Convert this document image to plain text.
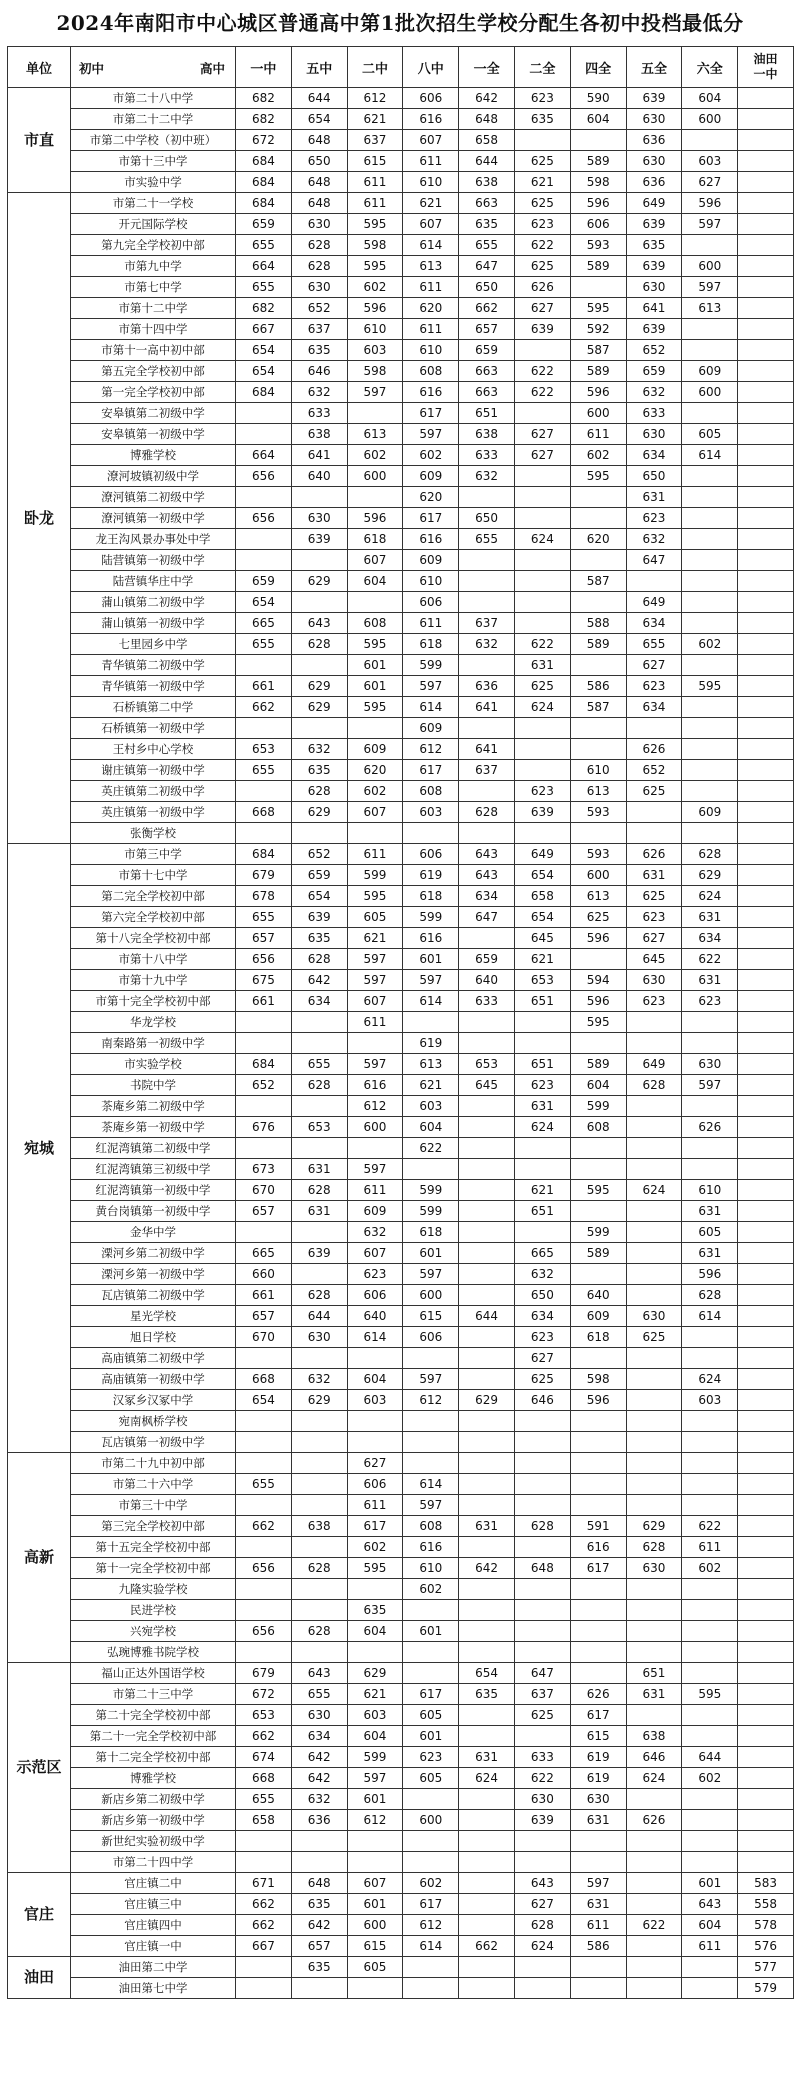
2024年南阳市中心城区普通高中第1批次招生学校分配生各初中投档最低分
单位	初中 高中	一中	五中	二中	八中	一全	二全	四全	五全	六全	油田一中
市直	市第二十八中学	682	644	612	606	642	623	590	639	604	
	市第二十二中学	682	654	621	616	648	635	604	630	600	
	市第二中学校（初中班）	672	648	637	607	658			636		
	市第十三中学	684	650	615	611	644	625	589	630	603	
	市实验中学	684	648	611	610	638	621	598	636	627	
卧龙	市第二十一学校	684	648	611	621	663	625	596	649	596	
	开元国际学校	659	630	595	607	635	623	606	639	597	
	第九完全学校初中部	655	628	598	614	655	622	593	635		
	市第九中学	664	628	595	613	647	625	589	639	600	
	市第七中学	655	630	602	611	650	626		630	597	
	市第十二中学	682	652	596	620	662	627	595	641	613	
	市第十四中学	667	637	610	611	657	639	592	639		
	市第十一高中初中部	654	635	603	610	659		587	652		
	第五完全学校初中部	654	646	598	608	663	622	589	659	609	
	第一完全学校初中部	684	632	597	616	663	622	596	632	600	
	安皋镇第二初级中学		633		617	651		600	633		
	安皋镇第一初级中学		638	613	597	638	627	611	630	605	
	博雅学校	664	641	602	602	633	627	602	634	614	
	潦河坡镇初级中学	656	640	600	609	632		595	650		
	潦河镇第二初级中学				620				631		
	潦河镇第一初级中学	656	630	596	617	650			623		
	龙王沟风景办事处中学		639	618	616	655	624	620	632		
	陆营镇第一初级中学			607	609				647		
	陆营镇华庄中学	659	629	604	610			587			
	蒲山镇第二初级中学	654			606				649		
	蒲山镇第一初级中学	665	643	608	611	637		588	634		
	七里园乡中学	655	628	595	618	632	622	589	655	602	
	青华镇第二初级中学			601	599		631		627		
	青华镇第一初级中学	661	629	601	597	636	625	586	623	595	
	石桥镇第二中学	662	629	595	614	641	624	587	634		
	石桥镇第一初级中学				609						
	王村乡中心学校	653	632	609	612	641			626		
	谢庄镇第一初级中学	655	635	620	617	637		610	652		
	英庄镇第二初级中学		628	602	608		623	613	625		
	英庄镇第一初级中学	668	629	607	603	628	639	593		609	
	张衡学校										
宛城	市第三中学	684	652	611	606	643	649	593	626	628	
	市第十七中学	679	659	599	619	643	654	600	631	629	
	第二完全学校初中部	678	654	595	618	634	658	613	625	624	
	第六完全学校初中部	655	639	605	599	647	654	625	623	631	
	第十八完全学校初中部	657	635	621	616		645	596	627	634	
	市第十八中学	656	628	597	601	659	621		645	622	
	市第十九中学	675	642	597	597	640	653	594	630	631	
	市第十完全学校初中部	661	634	607	614	633	651	596	623	623	
	华龙学校			611				595			
	南秦路第一初级中学				619						
	市实验学校	684	655	597	613	653	651	589	649	630	
	书院中学	652	628	616	621	645	623	604	628	597	
	茶庵乡第二初级中学			612	603		631	599			
	茶庵乡第一初级中学	676	653	600	604		624	608		626	
	红泥湾镇第二初级中学				622						
	红泥湾镇第三初级中学	673	631	597							
	红泥湾镇第一初级中学	670	628	611	599		621	595	624	610	
	黄台岗镇第一初级中学	657	631	609	599		651			631	
	金华中学			632	618			599		605	
	溧河乡第二初级中学	665	639	607	601		665	589		631	
	溧河乡第一初级中学	660		623	597		632			596	
	瓦店镇第二初级中学	661	628	606	600		650	640		628	
	星光学校	657	644	640	615	644	634	609	630	614	
	旭日学校	670	630	614	606		623	618	625		
	高庙镇第二初级中学						627				
	高庙镇第一初级中学	668	632	604	597		625	598		624	
	汉冢乡汉冢中学	654	629	603	612	629	646	596		603	
	宛南枫桥学校										
	瓦店镇第一初级中学										
高新	市第二十九中初中部			627							
	市第二十六中学	655		606	614						
	市第三十中学			611	597						
	第三完全学校初中部	662	638	617	608	631	628	591	629	622	
	第十五完全学校初中部			602	616			616	628	611	
	第十一完全学校初中部	656	628	595	610	642	648	617	630	602	
	九隆实验学校				602						
	民进学校			635							
	兴宛学校	656	628	604	601						
	弘琬博雅书院学校										
示范区	福山正达外国语学校	679	643	629		654	647		651		
	市第二十三中学	672	655	621	617	635	637	626	631	595	
	第二十完全学校初中部	653	630	603	605		625	617			
	第二十一完全学校初中部	662	634	604	601			615	638		
	第十二完全学校初中部	674	642	599	623	631	633	619	646	644	
	博雅学校	668	642	597	605	624	622	619	624	602	
	新店乡第二初级中学	655	632	601			630	630			
	新店乡第一初级中学	658	636	612	600		639	631	626		
	新世纪实验初级中学										
	市第二十四中学										
官庄	官庄镇二中	671	648	607	602		643	597		601	583
	官庄镇三中	662	635	601	617		627	631		643	558
	官庄镇四中	662	642	600	612		628	611	622	604	578
	官庄镇一中	667	657	615	614	662	624	586		611	576
油田	油田第二中学		635	605							577
	油田第七中学										579
